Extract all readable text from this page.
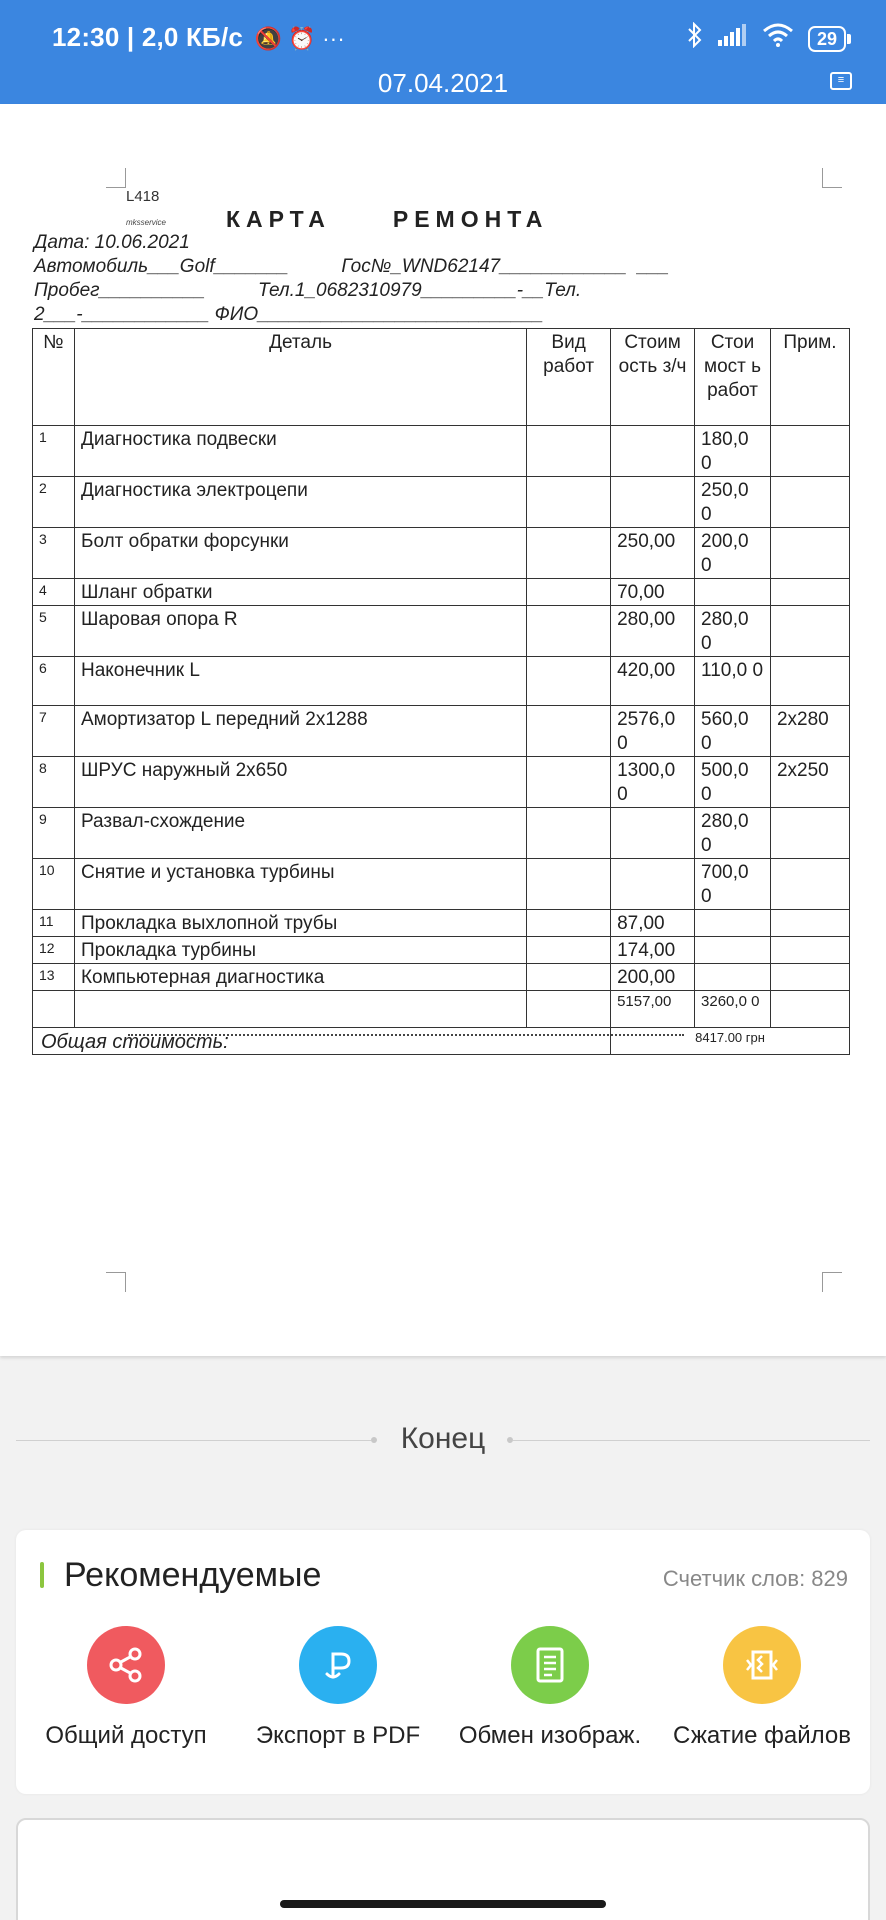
12:30 | 2,0 КБ/с 🔕 ⏰ ···	29
07.04.2021	≡
L418
mksservice	КАРТА     РЕМОНТА
Дата: 10.06.2021
Автомобиль___Golf_______          Гос№_WND62147____________  ___
Пробег__________          Тел.1_0682310979_________-__Тел.
2___-____________ ФИО___________________________
№	Деталь	Вид работ	Стоим ость з/ч	Стои мост ь работ	Прим.
1	Диагностика подвески			180,0 0	
2	Диагностика электроцепи			250,0 0	
3	Болт обратки форсунки		250,00	200,0 0	
4	Шланг обратки		70,00		
5	Шаровая опора R		280,00	280,0 0	
6	Наконечник L		420,00	110,0 0	
7	Амортизатор L передний 2х1288		2576,0 0	560,0 0	2х280
8	ШРУС наружный 2х650		1300,0 0	500,0 0	2х250
9	Развал-схождение			280,0 0	
10	Снятие и установка турбины			700,0 0	
11	Прокладка выхлопной трубы		87,00		
12	Прокладка турбины		174,00		
13	Компьютерная диагностика		200,00		
			5157,00	3260,0 0	
Общая стоимость:			8417.00 грн		
Конец
Рекомендуемые	Счетчик слов: 829
Общий доступ	Экспорт в PDF	Обмен изображ.	Сжатие файлов
